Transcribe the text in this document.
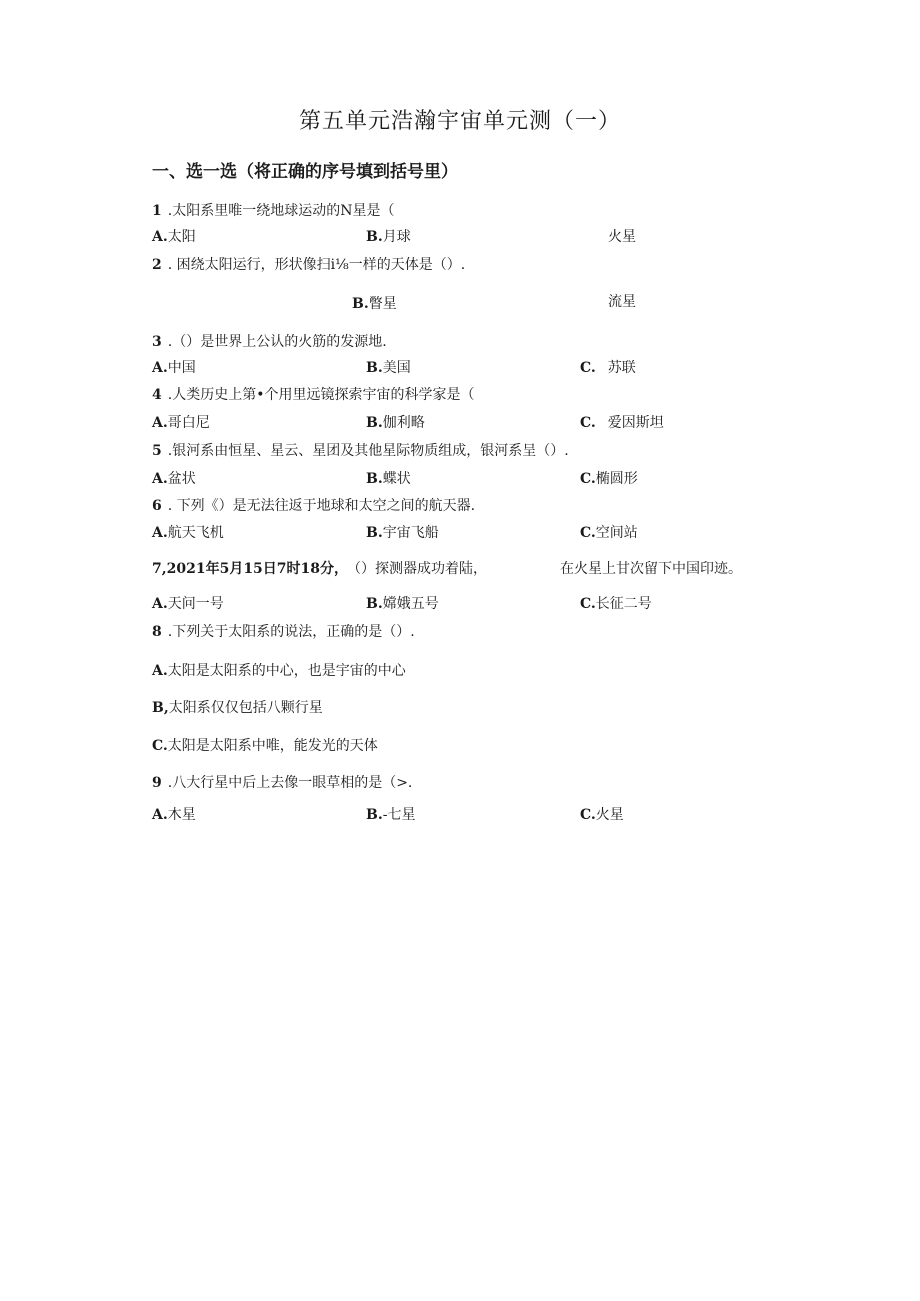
第五单元浩瀚宇宙单元测（一）
一、选一选（将正确的序号填到括号里）
1 .太阳系里唯一绕地球运动的N星是（
A.太阳	B.月球	火星
2 . 困绕太阳运行，形状像扫i⅛一样的天体是（）.
B.瞥星	流星
3 .（）是世界上公认的火筋的发源地.
A.中国	B.美国	C. 苏联
4 .人类历史上第•个用里远镜探索宇宙的科学家是（
A.哥白尼	B.伽利略	C. 爱因斯坦
5 .银河系由恒星、星云、星团及其他星际物质组成，银河系呈（）.
A.盆状	B.蝶状	C.椭圆形
6 . 下列《）是无法往返于地球和太空之间的航天器.
A.航天飞机	B.宇宙飞船	C.空间站
7,2021年5月15日7时18分， （）探测器成功着陆，	在火星上甘次留下中国印迹。
A.天问一号	B.嫦娥五号	C.长征二号
8 .下列关于太阳系的说法，正确的是（）.
A.太阳是太阳系的中心，也是宇宙的中心
B,太阳系仅仅包括八颗行星
C.太阳是太阳系中唯，能发光的天体
9 .八大行星中后上去像一眼草相的是（>.
A.木星	B.-七星	C.火星
